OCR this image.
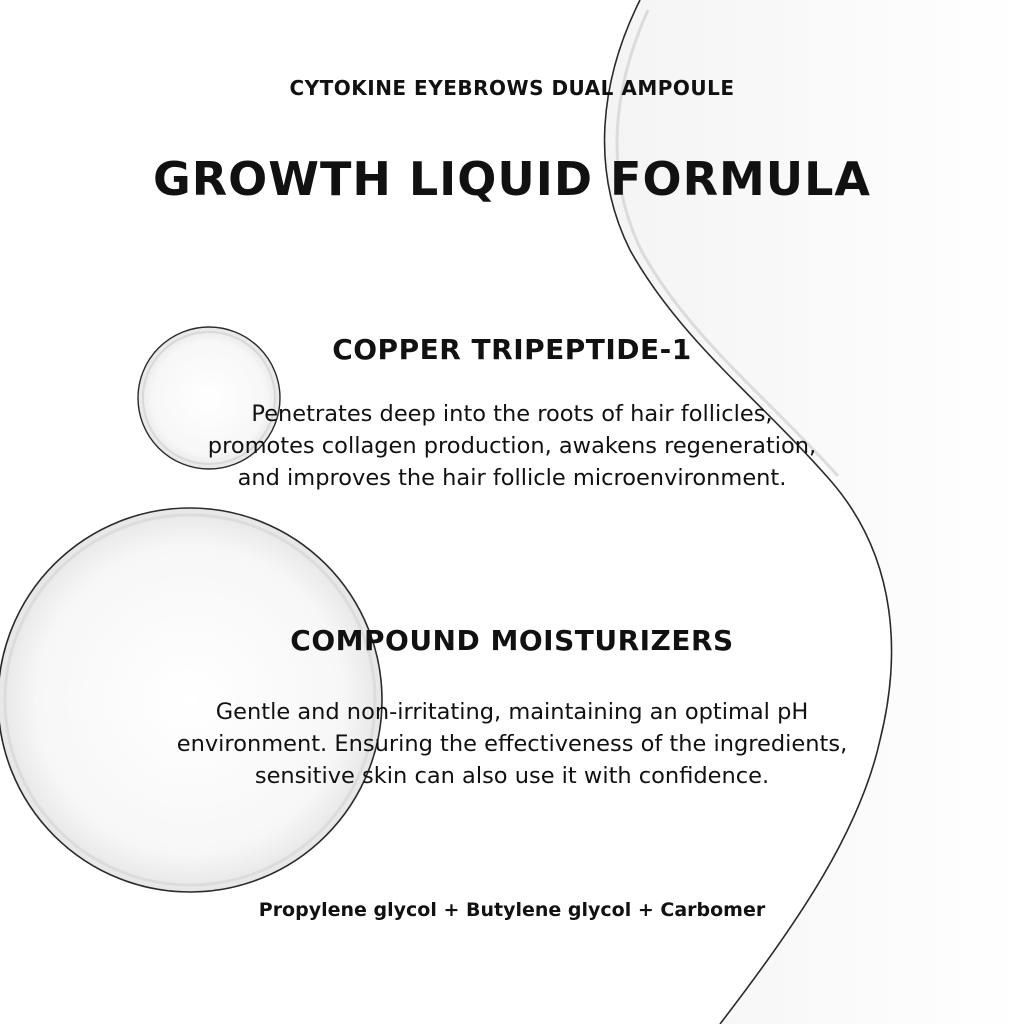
CYTOKINE EYEBROWS DUAL AMPOULE
GROWTH LIQUID FORMULA
COPPER TRIPEPTIDE-1
Penetrates deep into the roots of hair follicles,
promotes collagen production, awakens regeneration,
and improves the hair follicle microenvironment.
COMPOUND MOISTURIZERS
Gentle and non-irritating, maintaining an optimal pH
environment. Ensuring the effectiveness of the ingredients,
sensitive skin can also use it with confidence.
Propylene glycol + Butylene glycol + Carbomer
